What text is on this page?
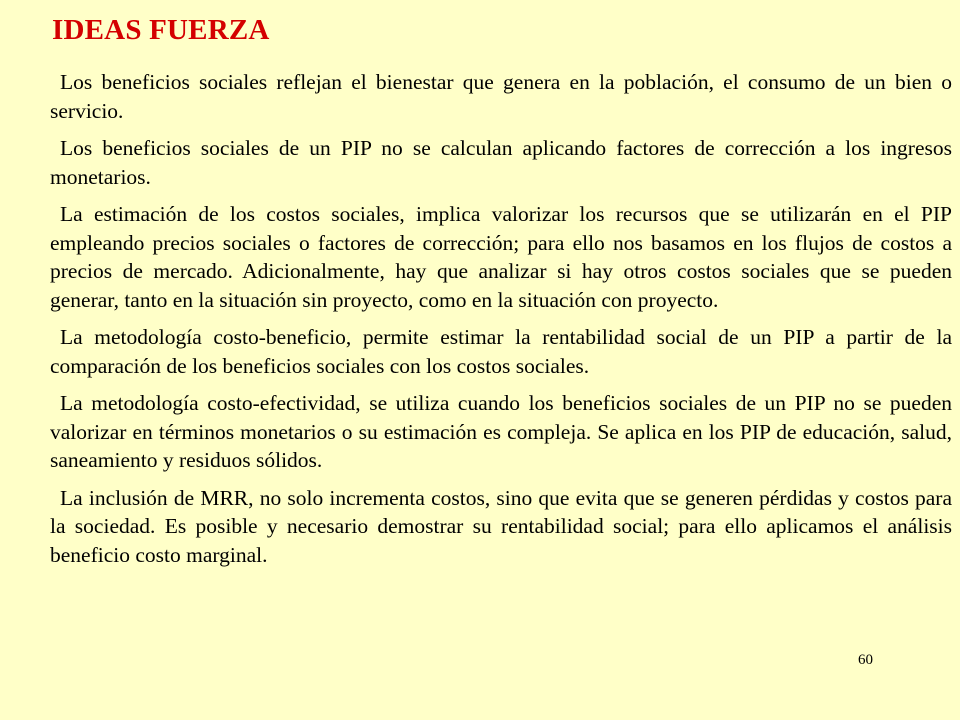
IDEAS FUERZA

Los beneficios sociales reflejan el bienestar que genera en la población, el consumo de un bien o servicio.

Los beneficios sociales de un PIP no se calculan aplicando factores de corrección a los ingresos monetarios.

La estimación de los costos sociales, implica valorizar los recursos que se utilizarán en el PIP empleando precios sociales o factores de corrección; para ello nos basamos en los flujos de costos a precios de mercado. Adicionalmente, hay que analizar si hay otros costos sociales que se pueden generar, tanto en la situación sin proyecto, como en la situación con proyecto.

La metodología costo-beneficio, permite estimar la rentabilidad social de un PIP a partir de la comparación de los beneficios sociales con los costos sociales.

La metodología costo-efectividad, se utiliza cuando los beneficios sociales de un PIP no se pueden valorizar en términos monetarios o su estimación es compleja. Se aplica en los PIP de educación, salud, saneamiento y residuos sólidos.

La inclusión de MRR, no solo incrementa costos, sino que evita que se generen pérdidas y costos para la sociedad. Es posible y necesario demostrar su rentabilidad social; para ello aplicamos el análisis beneficio costo marginal.

60
